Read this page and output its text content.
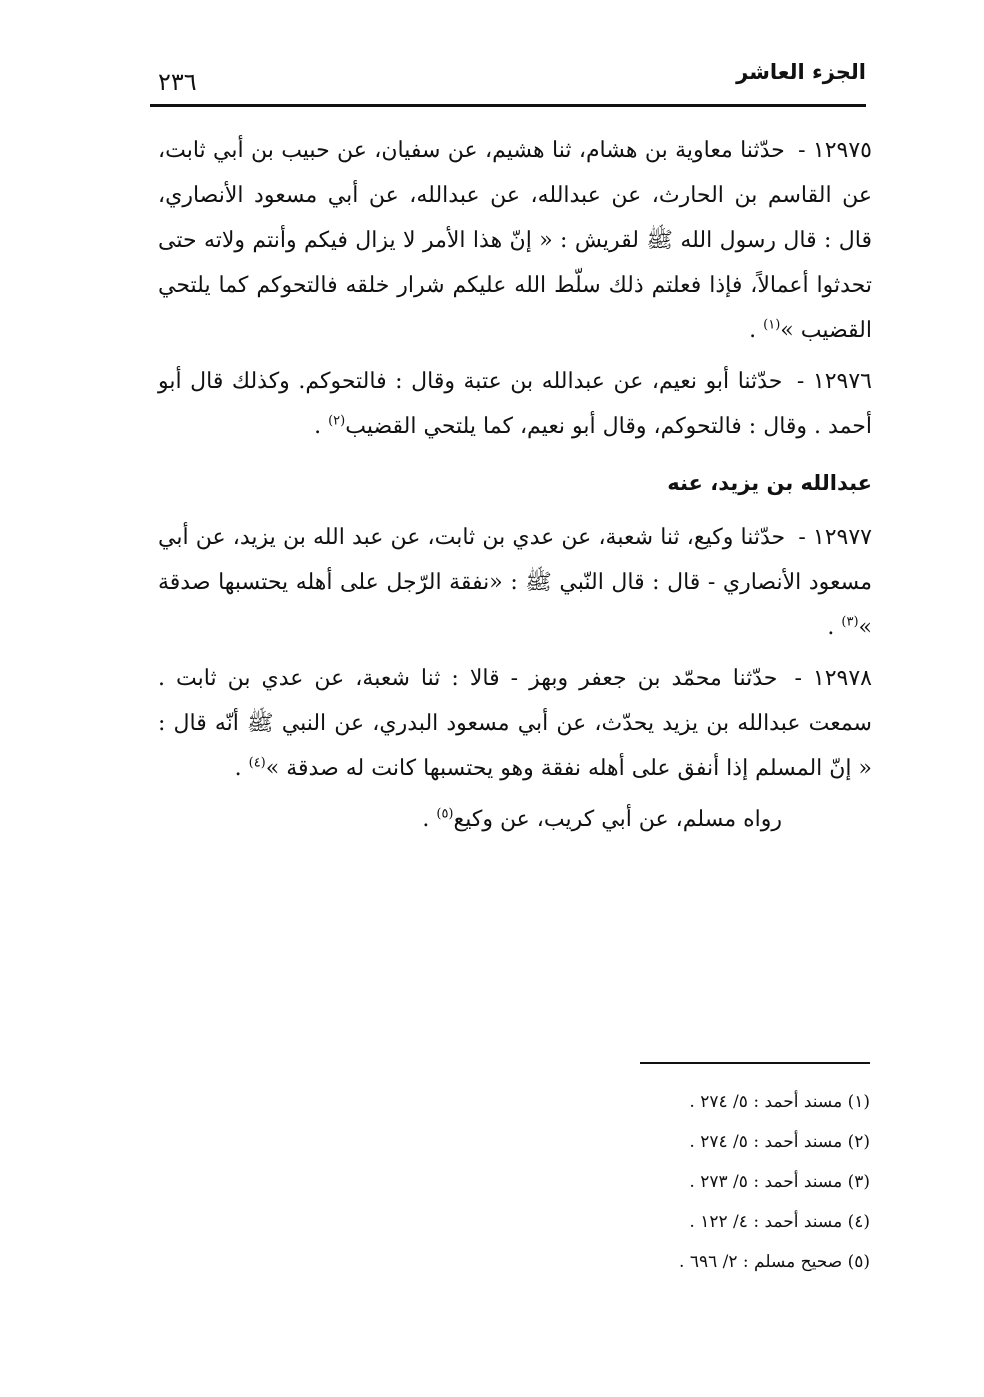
الجزء العاشر
٢٣٦

١٢٩٧٥ - حدّثنا معاوية بن هشام، ثنا هشيم، عن سفيان، عن حبيب بن أبي ثابت، عن القاسم بن الحارث، عن عبدالله، عن عبدالله، عن أبي مسعود الأنصاري، قال : قال رسول الله ﷺ لقريش : « إنّ هذا الأمر لا يزال فيكم وأنتم ولاته حتى تحدثوا أعمالاً، فإذا فعلتم ذلك سلّط الله عليكم شرار خلقه فالتحوكم كما يلتحي القضيب »$^{(١)}$ .

١٢٩٧٦ - حدّثنا أبو نعيم، عن عبدالله بن عتبة وقال : فالتحوكم. وكذلك قال أبو أحمد . وقال : فالتحوكم، وقال أبو نعيم، كما يلتحي القضيب$^{(٢)}$ .

عبدالله بن يزيد، عنه

١٢٩٧٧ - حدّثنا وكيع، ثنا شعبة، عن عدي بن ثابت، عن عبد الله بن يزيد، عن أبي مسعود الأنصاري - قال : قال النّبي ﷺ : «نفقة الرّجل على أهله يحتسبها صدقة »$^{(٣)}$ .

١٢٩٧٨ - حدّثنا محمّد بن جعفر وبهز - قالا : ثنا شعبة، عن عدي بن ثابت . سمعت عبدالله بن يزيد يحدّث، عن أبي مسعود البدري، عن النبي ﷺ أنّه قال : « إنّ المسلم إذا أنفق على أهله نفقة وهو يحتسبها كانت له صدقة »$^{(٤)}$ .

رواه مسلم، عن أبي كريب، عن وكيع$^{(٥)}$ .

(١) مسند أحمد : ٥/ ٢٧٤ .
(٢) مسند أحمد : ٥/ ٢٧٤ .
(٣) مسند أحمد : ٥/ ٢٧٣ .
(٤) مسند أحمد : ٤/ ١٢٢ .
(٥) صحيح مسلم : ٢/ ٦٩٦ .
